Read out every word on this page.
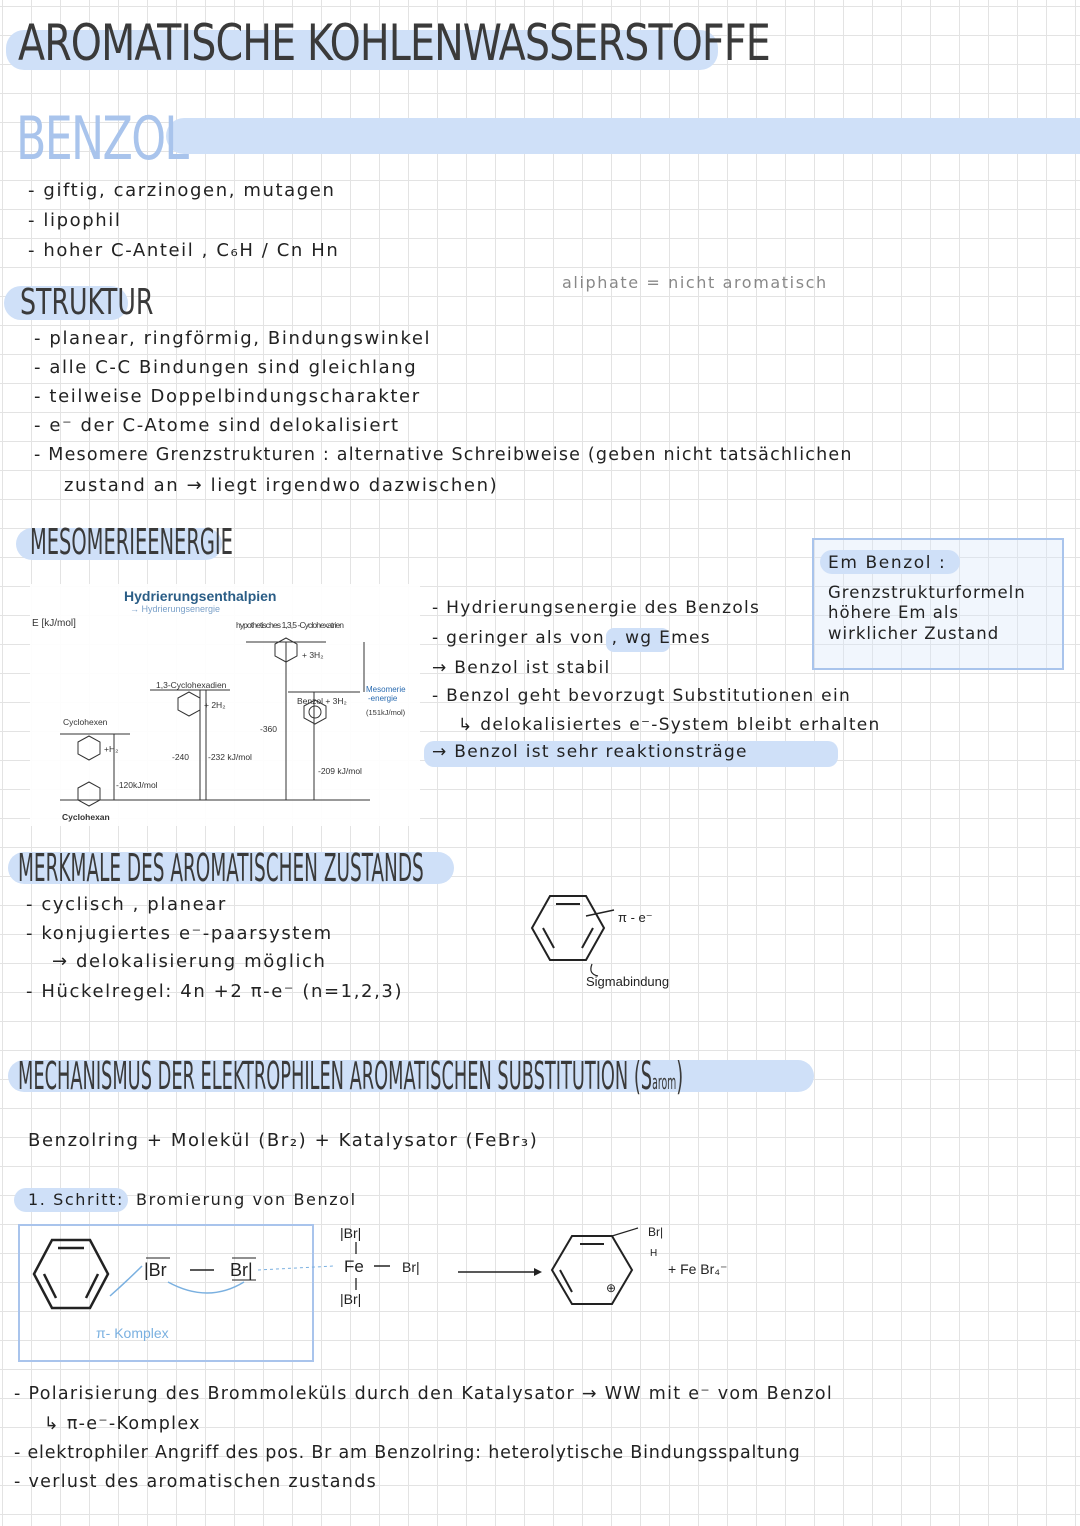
AROMATISCHE KOHLENWASSERSTOFFE
BENZOL
- giftig, carzinogen, mutagen
- lipophil
- hoher C-Anteil , C₆H / Cn Hn
aliphate = nicht aromatisch
STRUKTUR
- planear, ringförmig, Bindungswinkel
- alle C-C Bindungen sind gleichlang
- teilweise Doppelbindungscharakter
- e⁻ der C-Atome sind delokalisiert
- Mesomere Grenzstrukturen : alternative Schreibweise (geben nicht tatsächlichen
zustand an → liegt irgendwo dazwischen)
MESOMERIEENERGIE
Hydrierungsenthalpien
→ Hydrierungsenergie
E [kJ/mol]	hypothetisches 1,3,5 -Cyclohexatrien
+ 3H₂
1,3-Cyclohexadien
+ 2H₂
Cyclohexen
+H₂
Benzol + 3H₂
Mesomerie
-energie
(151kJ/mol)
-360
-240 -232 kJ/mol
-209 kJ/mol
-120kJ/mol
Cyclohexan
- Hydrierungsenergie des Benzols
- geringer als von , wg Emes
→ Benzol ist stabil
- Benzol geht bevorzugt Substitutionen ein
↳ delokalisiertes e⁻-System bleibt erhalten
→ Benzol ist sehr reaktionsträge
Em Benzol :
Grenzstrukturformeln
höhere Em als
wirklicher Zustand
MERKMALE DES AROMATISCHEN ZUSTANDS
- cyclisch , planear
- konjugiertes e⁻-paarsystem
→ delokalisierung möglich
- Hückelregel: 4n +2 π-e⁻ (n=1,2,3)
π - e⁻
Sigmabindung
MECHANISMUS DER ELEKTROPHILEN AROMATISCHEN SUBSTITUTION (Sarom)
Benzolring + Molekül (Br₂) + Katalysator (FeBr₃)
1. Schritt: Bromierung von Benzol
|Br	Br|
π- Komplex
|Br|
Fe	Br|
|Br|
Br|
H
⊕
+ Fe Br₄⁻
- Polarisierung des Brommoleküls durch den Katalysator → WW mit e⁻ vom Benzol
↳ π-e⁻-Komplex
- elektrophiler Angriff des pos. Br am Benzolring: heterolytische Bindungsspaltung
- verlust des aromatischen zustands
